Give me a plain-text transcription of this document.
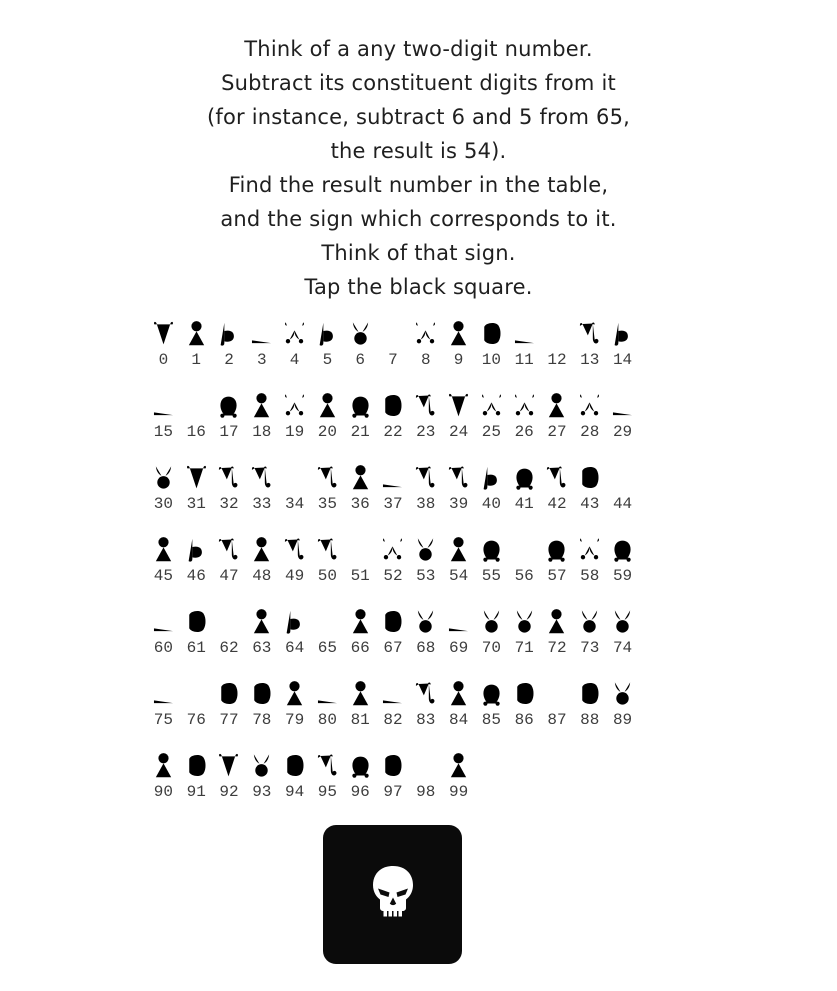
Think of a any two-digit number.
Subtract its constituent digits from it
(for instance, subtract 6 and 5 from 65,
the result is 54).
Find the result number in the table,
and the sign which corresponds to it.
Think of that sign.
Tap the black square.
0 1 2 3 4 5 6 7 8 9 10 11 12 13 14
15 16 17 18 19 20 21 22 23 24 25 26 27 28 29
30 31 32 33 34 35 36 37 38 39 40 41 42 43 44
45 46 47 48 49 50 51 52 53 54 55 56 57 58 59
60 61 62 63 64 65 66 67 68 69 70 71 72 73 74
75 76 77 78 79 80 81 82 83 84 85 86 87 88 89
90 91 92 93 94 95 96 97 98 99
